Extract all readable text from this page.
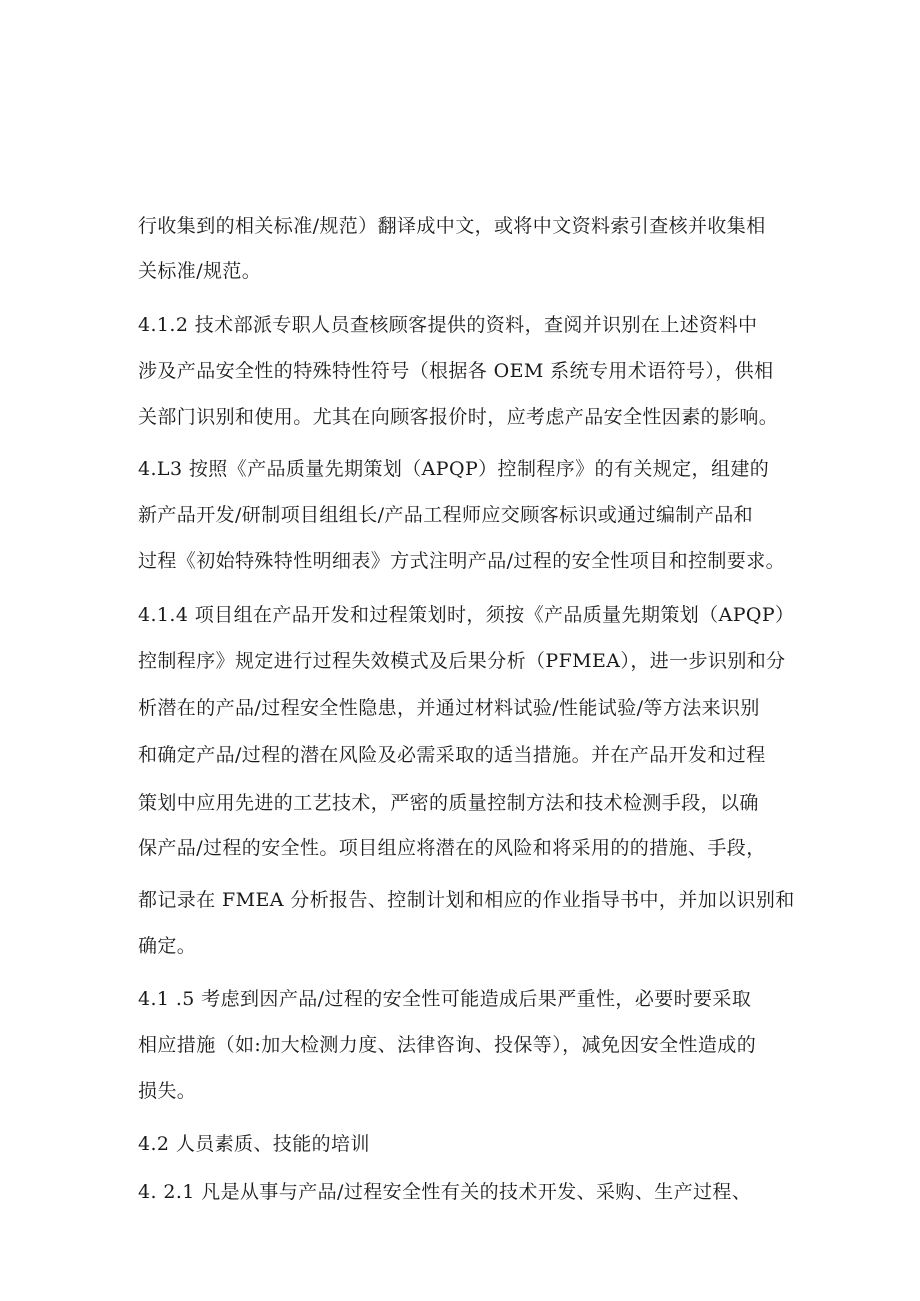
行收集到的相关标准/规范）翻译成中文，或将中文资料索引查核并收集相
关标准/规范。
4.1.2 技术部派专职人员查核顾客提供的资料，查阅并识别在上述资料中
涉及产品安全性的特殊特性符号（根据各 OEM 系统专用术语符号），供相
关部门识别和使用。尤其在向顾客报价时，应考虑产品安全性因素的影响。
4.L3 按照《产品质量先期策划（APQP）控制程序》的有关规定，组建的
新产品开发/研制项目组组长/产品工程师应交顾客标识或通过编制产品和
过程《初始特殊特性明细表》方式注明产品/过程的安全性项目和控制要求。
4.1.4 项目组在产品开发和过程策划时，须按《产品质量先期策划（APQP）
控制程序》规定进行过程失效模式及后果分析（PFMEA），进一步识别和分
析潜在的产品/过程安全性隐患，并通过材料试验/性能试验/等方法来识别
和确定产品/过程的潜在风险及必需采取的适当措施。并在产品开发和过程
策划中应用先进的工艺技术，严密的质量控制方法和技术检测手段，以确
保产品/过程的安全性。项目组应将潜在的风险和将采用的的措施、手段，
都记录在 FMEA 分析报告、控制计划和相应的作业指导书中，并加以识别和
确定。
4.1 .5 考虑到因产品/过程的安全性可能造成后果严重性，必要时要采取
相应措施（如:加大检测力度、法律咨询、投保等），减免因安全性造成的
损失。
4.2 人员素质、技能的培训
4. 2.1 凡是从事与产品/过程安全性有关的技术开发、采购、生产过程、
